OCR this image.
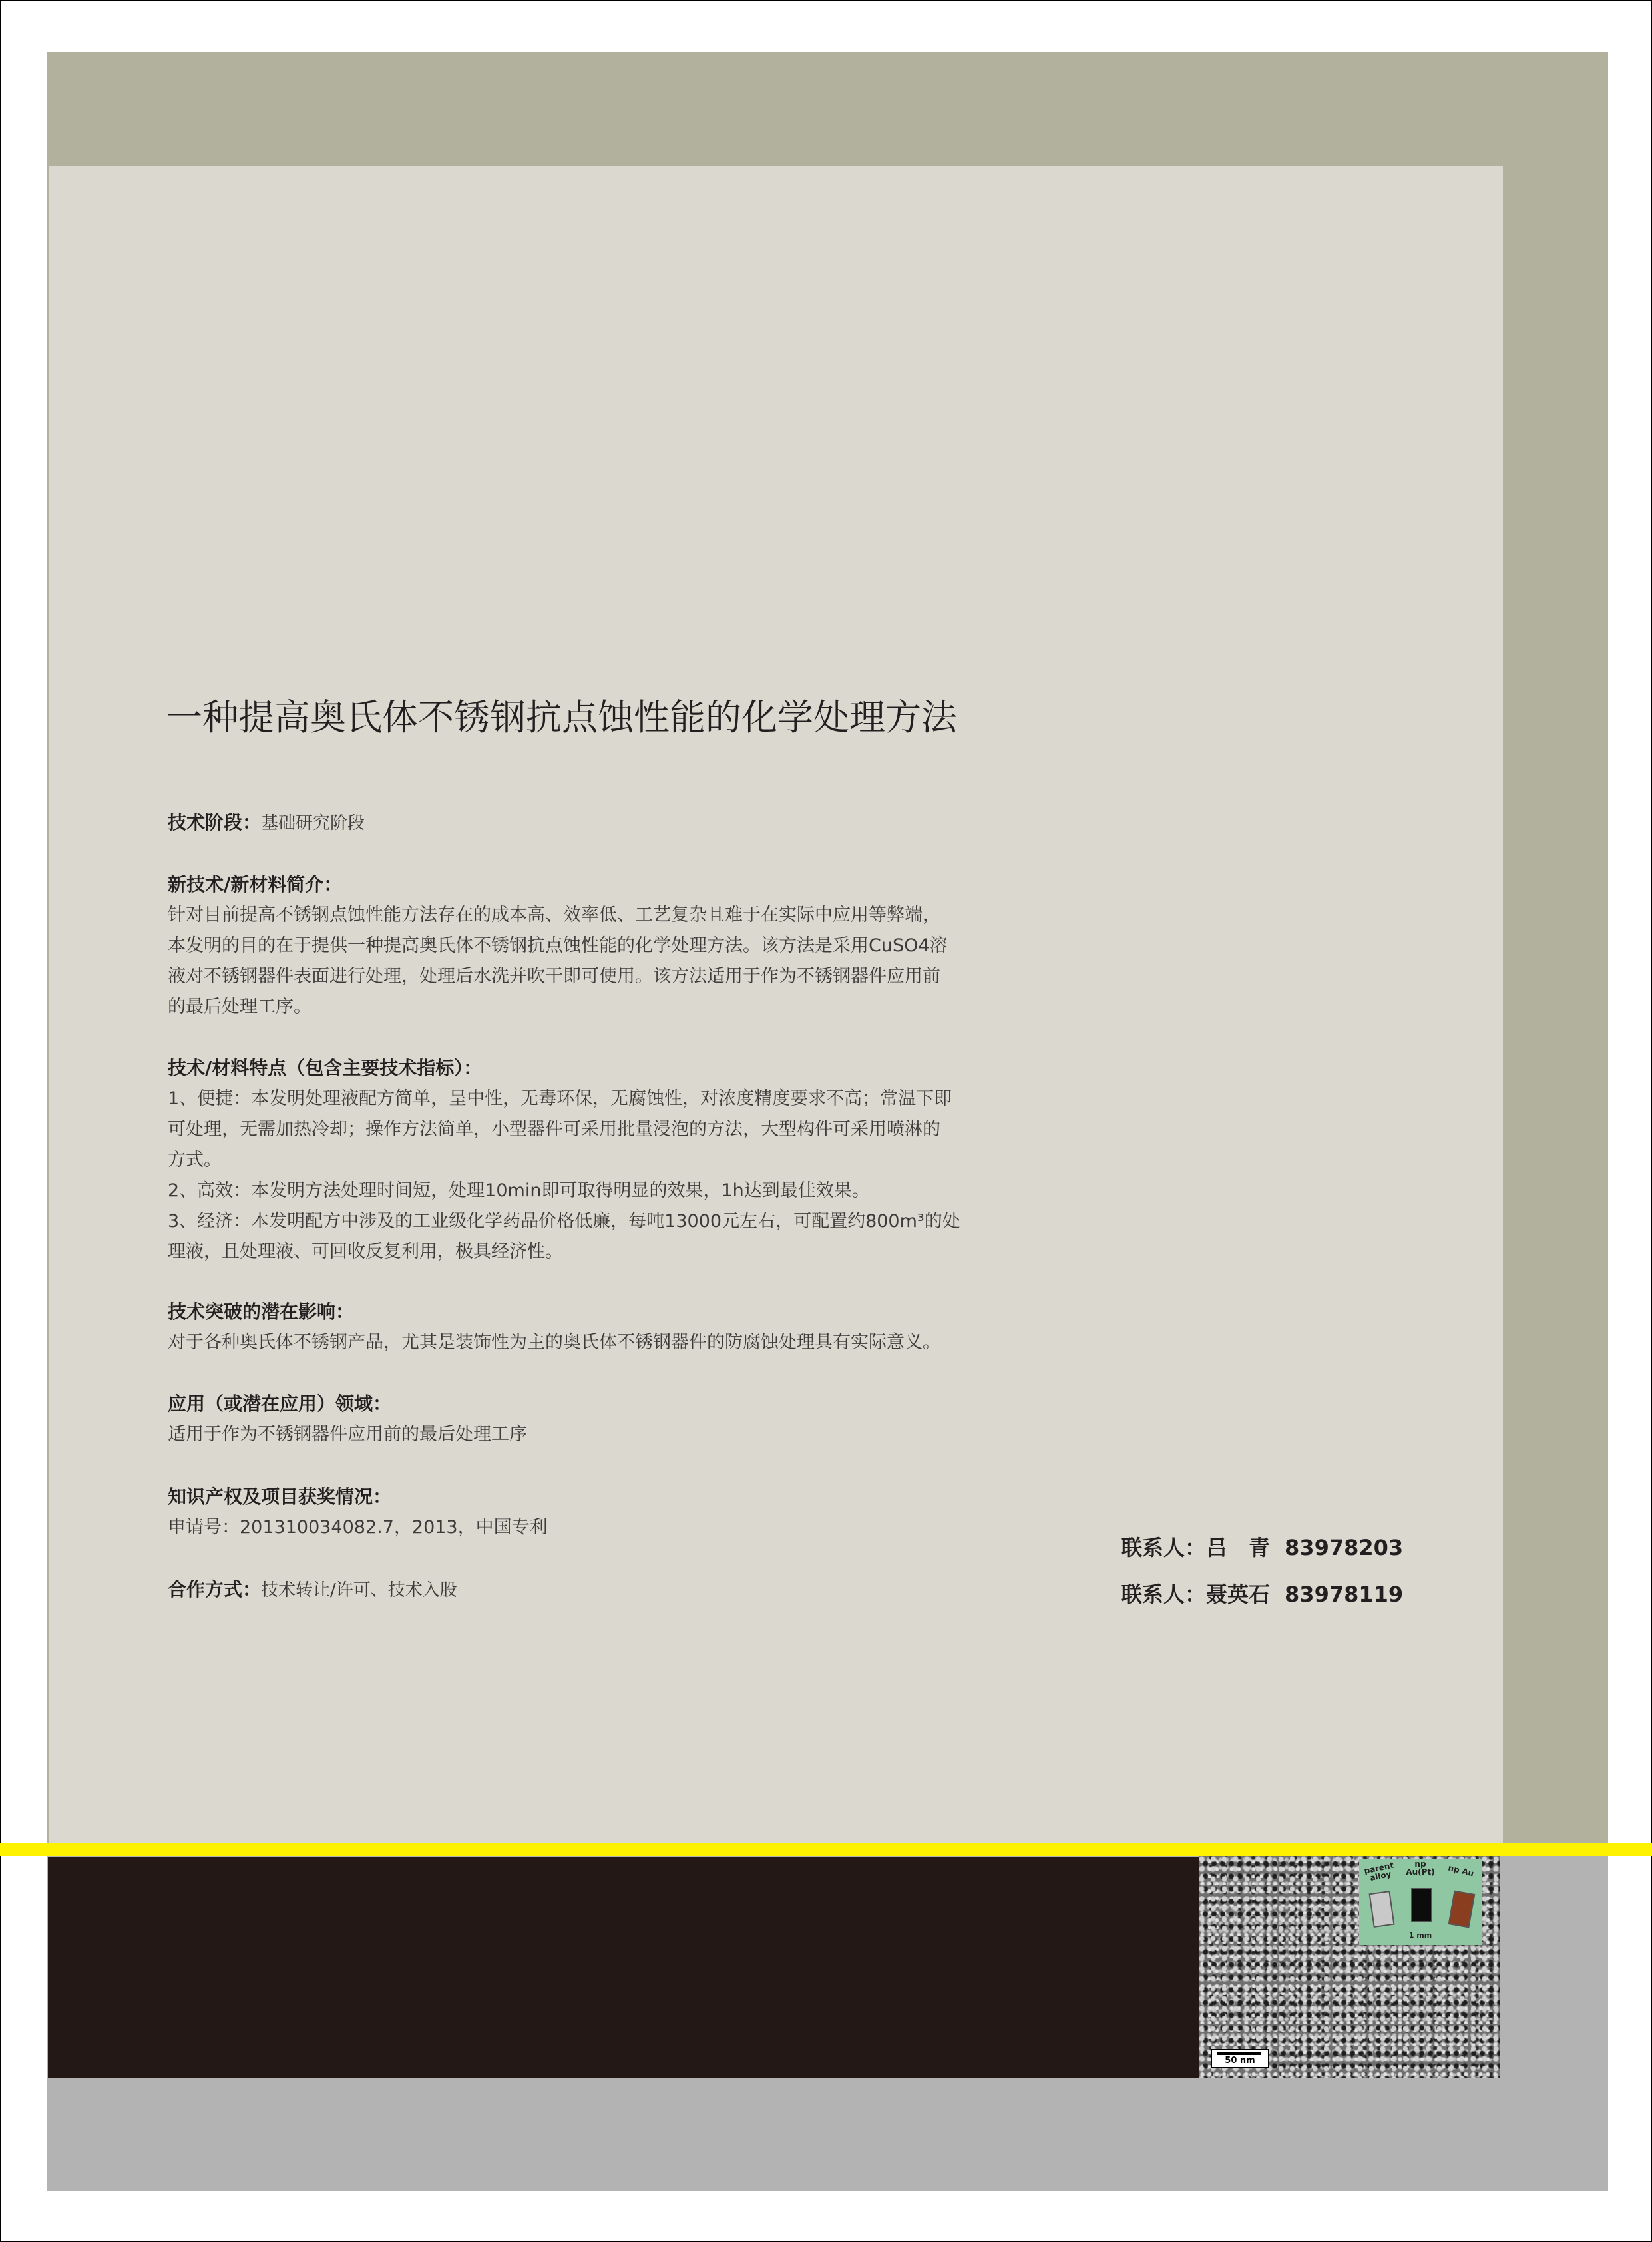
parent
alloy
np
Au(Pt)	np Au
1 mm
50 nm
一种提高奥氏体不锈钢抗点蚀性能的化学处理方法
技术阶段：基础研究阶段
新技术/新材料简介：

针对目前提高不锈钢点蚀性能方法存在的成本高、效率低、工艺复杂且难于在实际中应用等弊端，

本发明的目的在于提供一种提高奥氏体不锈钢抗点蚀性能的化学处理方法。该方法是采用CuSO4溶

液对不锈钢器件表面进行处理，处理后水洗并吹干即可使用。该方法适用于作为不锈钢器件应用前

的最后处理工序。

技术/材料特点（包含主要技术指标）：

1、便捷：本发明处理液配方简单，呈中性，无毒环保，无腐蚀性，对浓度精度要求不高；常温下即

可处理，无需加热冷却；操作方法简单，小型器件可采用批量浸泡的方法，大型构件可采用喷淋的

方式。

2、高效：本发明方法处理时间短，处理10min即可取得明显的效果，1h达到最佳效果。

3、经济：本发明配方中涉及的工业级化学药品价格低廉，每吨13000元左右，可配置约800m³的处

理液，且处理液、可回收反复利用，极具经济性。

技术突破的潜在影响：

对于各种奥氏体不锈钢产品，尤其是装饰性为主的奥氏体不锈钢器件的防腐蚀处理具有实际意义。

应用（或潜在应用）领域：

适用于作为不锈钢器件应用前的最后处理工序

知识产权及项目获奖情况：

申请号：201310034082.7，2013，中国专利

合作方式：技术转让/许可、技术入股
联系人：吕　青 83978203
联系人：聂英石 83978119
